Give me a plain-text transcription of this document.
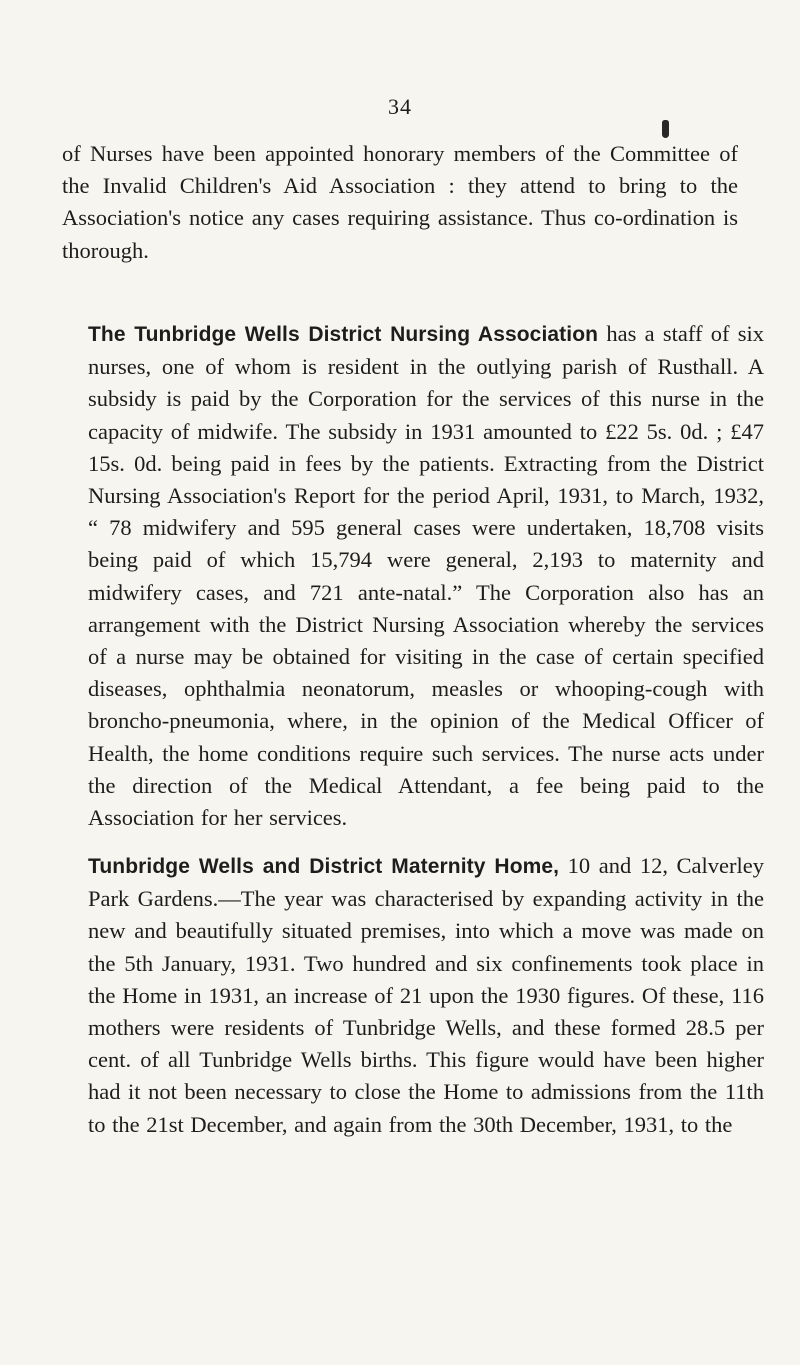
34

of Nurses have been appointed honorary members of the Committee of the Invalid Children's Aid Association : they attend to bring to the Association's notice any cases requiring assistance. Thus co-ordination is thorough.

The Tunbridge Wells District Nursing Association has a staff of six nurses, one of whom is resident in the outlying parish of Rusthall. A subsidy is paid by the Corporation for the services of this nurse in the capacity of midwife. The subsidy in 1931 amounted to £22 5s. 0d. ; £47 15s. 0d. being paid in fees by the patients. Extracting from the District Nursing Association's Report for the period April, 1931, to March, 1932, “ 78 midwifery and 595 general cases were undertaken, 18,708 visits being paid of which 15,794 were general, 2,193 to maternity and midwifery cases, and 721 ante-natal.” The Corporation also has an arrangement with the District Nursing Association whereby the services of a nurse may be obtained for visiting in the case of certain specified diseases, ophthalmia neonatorum, measles or whooping-cough with broncho-pneumonia, where, in the opinion of the Medical Officer of Health, the home conditions require such services. The nurse acts under the direction of the Medical Attendant, a fee being paid to the Association for her services.

Tunbridge Wells and District Maternity Home, 10 and 12, Calverley Park Gardens.—The year was characterised by expanding activity in the new and beautifully situated premises, into which a move was made on the 5th January, 1931. Two hundred and six confinements took place in the Home in 1931, an increase of 21 upon the 1930 figures. Of these, 116 mothers were residents of Tunbridge Wells, and these formed 28.5 per cent. of all Tunbridge Wells births. This figure would have been higher had it not been necessary to close the Home to admissions from the 11th to the 21st December, and again from the 30th December, 1931, to the
